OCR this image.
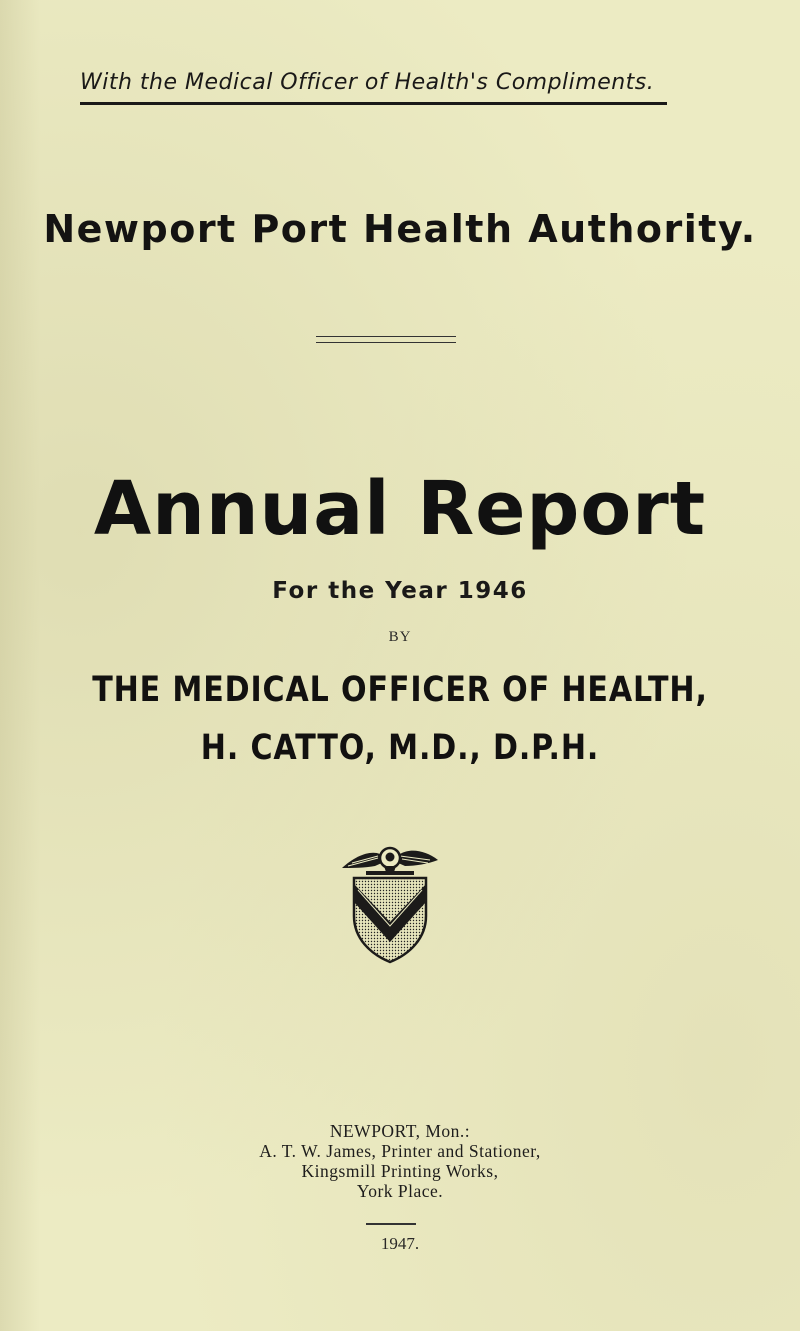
With the Medical Officer of Health's Compliments.
Newport Port Health Authority.
Annual Report
For the Year 1946
BY
THE MEDICAL OFFICER OF HEALTH,
H. CATTO, M.D., D.P.H.
NEWPORT, Mon.:
A. T. W. James, Printer and Stationer,
Kingsmill Printing Works,
York Place.
1947.
